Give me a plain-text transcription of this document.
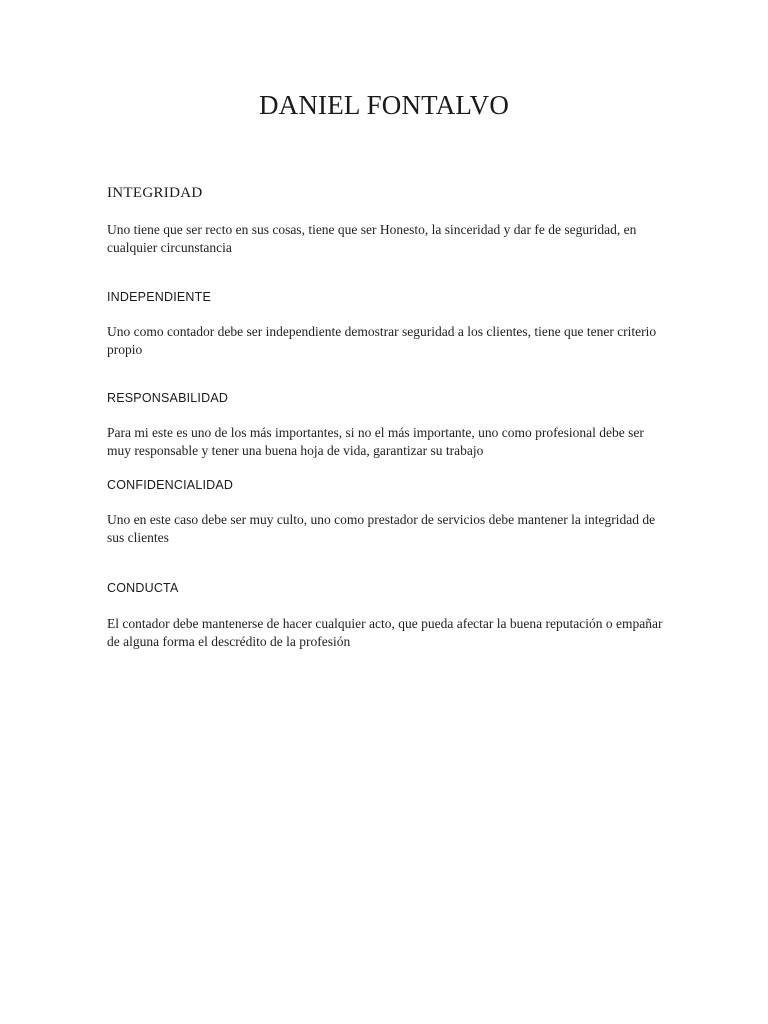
DANIEL FONTALVO
INTEGRIDAD

Uno tiene que ser recto en sus cosas, tiene que ser Honesto, la sinceridad y dar fe de seguridad, en cualquier circunstancia

INDEPENDIENTE

Uno como contador debe ser independiente demostrar seguridad a los clientes, tiene que tener criterio propio

RESPONSABILIDAD

Para mi este es uno de los más importantes, si no el más importante, uno como profesional debe ser muy responsable y tener una buena hoja de vida, garantizar su trabajo

CONFIDENCIALIDAD

Uno en este caso debe ser muy culto, uno como prestador de servicios debe mantener la integridad de sus clientes

CONDUCTA

El contador debe mantenerse de hacer cualquier acto, que pueda afectar la buena reputación o empañar de alguna forma el descrédito de la profesión
